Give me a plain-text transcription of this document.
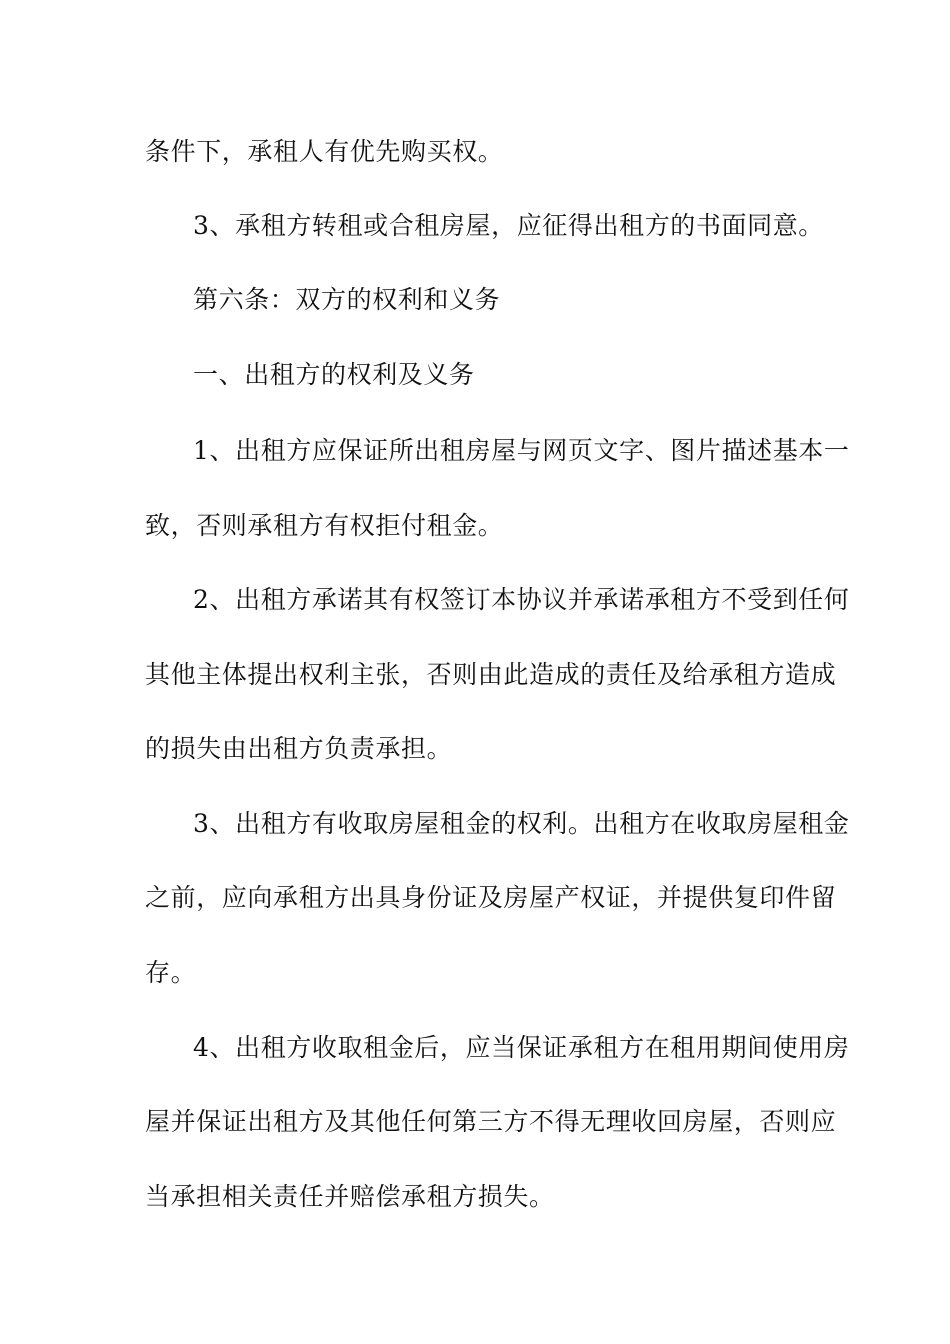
条件下，承租人有优先购买权。
3、承租方转租或合租房屋，应征得出租方的书面同意。
第六条：双方的权利和义务
一、出租方的权利及义务
1、出租方应保证所出租房屋与网页文字、图片描述基本一
致，否则承租方有权拒付租金。
2、出租方承诺其有权签订本协议并承诺承租方不受到任何
其他主体提出权利主张，否则由此造成的责任及给承租方造成
的损失由出租方负责承担。
3、出租方有收取房屋租金的权利。出租方在收取房屋租金
之前，应向承租方出具身份证及房屋产权证，并提供复印件留
存。
4、出租方收取租金后，应当保证承租方在租用期间使用房
屋并保证出租方及其他任何第三方不得无理收回房屋，否则应
当承担相关责任并赔偿承租方损失。
